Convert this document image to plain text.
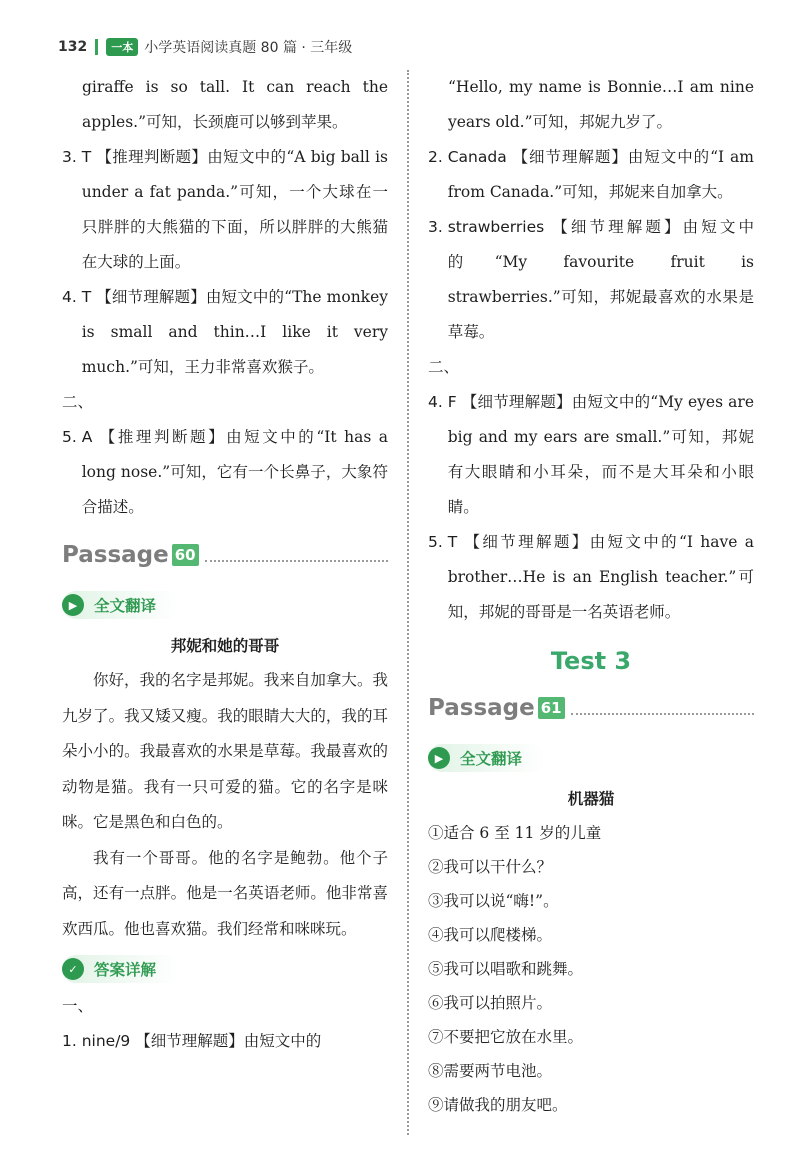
132	一本 小学英语阅读真题 80 篇 · 三年级

giraffe is so tall. It can reach the apples.”可知，长颈鹿可以够到苹果。

3. T 【推理判断题】由短文中的“A big ball is under a fat panda.”可知，一个大球在一只胖胖的大熊猫的下面，所以胖胖的大熊猫在大球的上面。
4. T 【细节理解题】由短文中的“The monkey is small and thin…I like it very much.”可知，王力非常喜欢猴子。

二、

5. A 【推理判断题】由短文中的“It has a long nose.”可知，它有一个长鼻子，大象符合描述。
Passage 60
▶	全文翻译
邦妮和她的哥哥

你好，我的名字是邦妮。我来自加拿大。我九岁了。我又矮又瘦。我的眼睛大大的，我的耳朵小小的。我最喜欢的水果是草莓。我最喜欢的动物是猫。我有一只可爱的猫。它的名字是咪咪。它是黑色和白色的。

我有一个哥哥。他的名字是鲍勃。他个子高，还有一点胖。他是一名英语老师。他非常喜欢西瓜。他也喜欢猫。我们经常和咪咪玩。

✓	答案详解

一、

1. nine/9 【细节理解题】由短文中的

“Hello, my name is Bonnie…I am nine years old.”可知，邦妮九岁了。

2. Canada 【细节理解题】由短文中的“I am from Canada.”可知，邦妮来自加拿大。
3. strawberries 【细节理解题】由短文中的“My favourite fruit is strawberries.”可知，邦妮最喜欢的水果是草莓。

二、

4. F 【细节理解题】由短文中的“My eyes are big and my ears are small.”可知，邦妮有大眼睛和小耳朵，而不是大耳朵和小眼睛。
5. T 【细节理解题】由短文中的“I have a brother…He is an English teacher.”可知，邦妮的哥哥是一名英语老师。
Test 3
Passage 61
▶	全文翻译
机器猫

①适合 6 至 11 岁的儿童

②我可以干什么？

③我可以说“嗨!”。

④我可以爬楼梯。

⑤我可以唱歌和跳舞。

⑥我可以拍照片。

⑦不要把它放在水里。

⑧需要两节电池。

⑨请做我的朋友吧。
